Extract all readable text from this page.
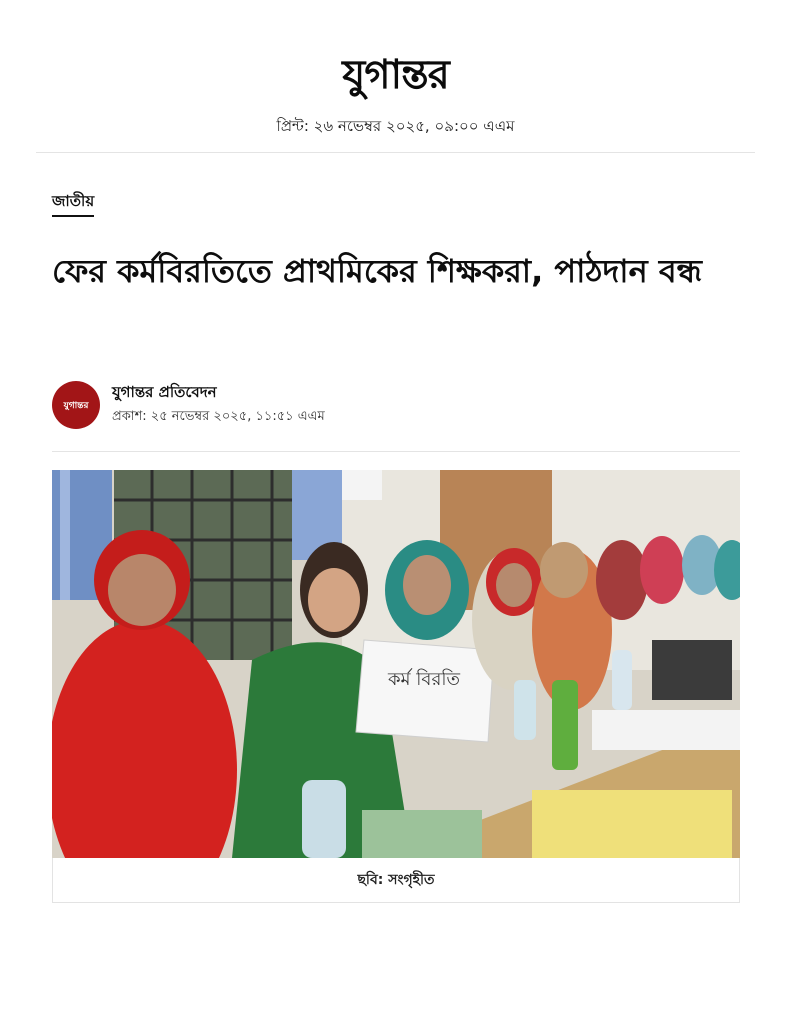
যুগান্তর
প্রিন্ট: ২৬ নভেম্বর ২০২৫, ০৯:০০ এএম
জাতীয়
ফের কর্মবিরতিতে প্রাথমিকের শিক্ষকরা, পাঠদান বন্ধ
যুগান্তর
যুগান্তর প্রতিবেদন
প্রকাশ: ২৫ নভেম্বর ২০২৫, ১১:৫১ এএম
কর্ম বিরতি
ছবি: সংগৃহীত
